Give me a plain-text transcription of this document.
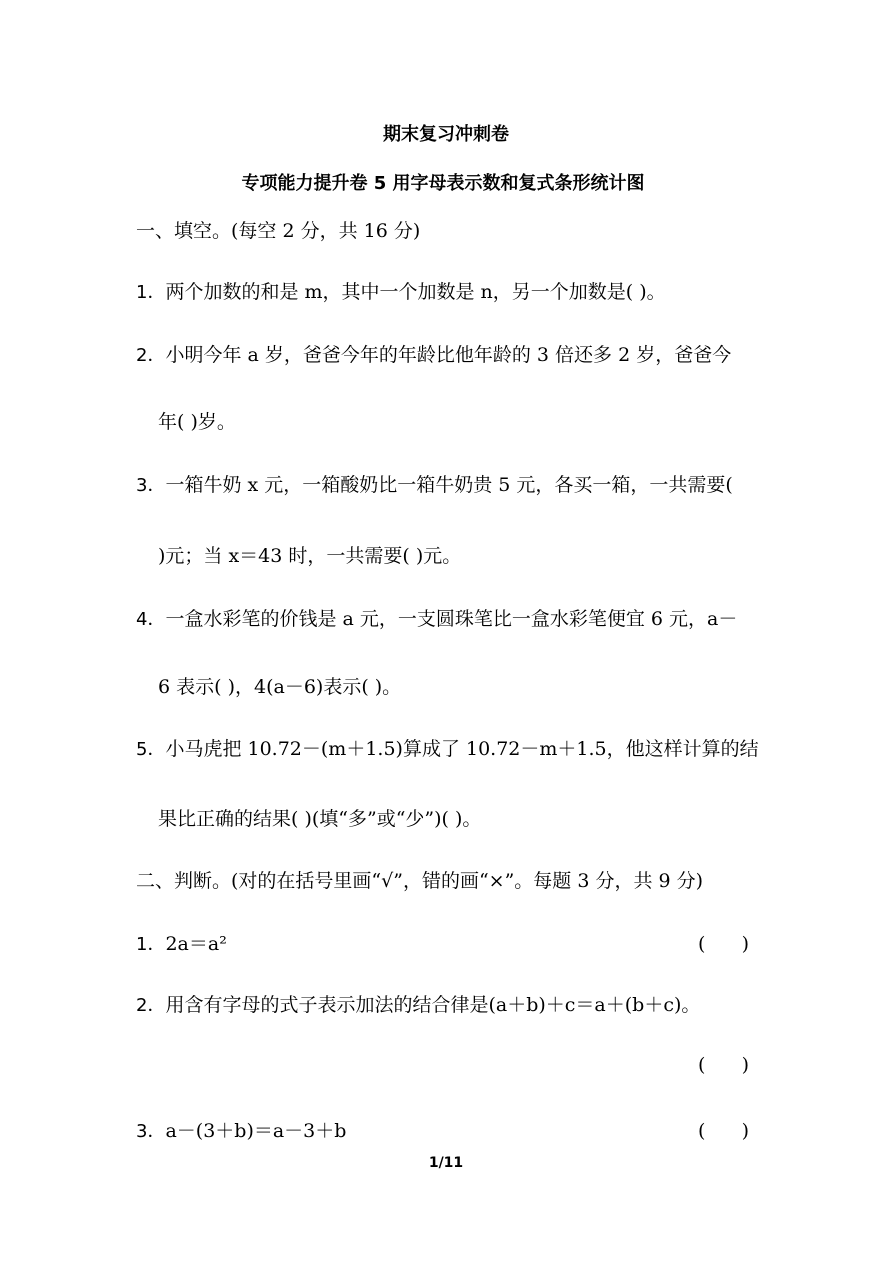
期末复习冲刺卷
专项能力提升卷 5 用字母表示数和复式条形统计图
一、填空。(每空 2 分，共 16 分)
1．两个加数的和是 m，其中一个加数是 n，另一个加数是( )。
2．小明今年 a 岁，爸爸今年的年龄比他年龄的 3 倍还多 2 岁，爸爸今
年( )岁。
3．一箱牛奶 x 元，一箱酸奶比一箱牛奶贵 5 元，各买一箱，一共需要(
)元；当 x＝43 时，一共需要( )元。
4．一盒水彩笔的价钱是 a 元，一支圆珠笔比一盒水彩笔便宜 6 元，a－
6 表示( )，4(a－6)表示( )。
5．小马虎把 10.72－(m＋1.5)算成了 10.72－m＋1.5，他这样计算的结
果比正确的结果( )(填“多”或“少”)( )。
二、判断。(对的在括号里画“√”，错的画“×”。每题 3 分，共 9 分)
1．2a＝a²	(      )
2．用含有字母的式子表示加法的结合律是(a＋b)＋c＝a＋(b＋c)。
(      )
3．a－(3＋b)＝a－3＋b	(      )
1/11
